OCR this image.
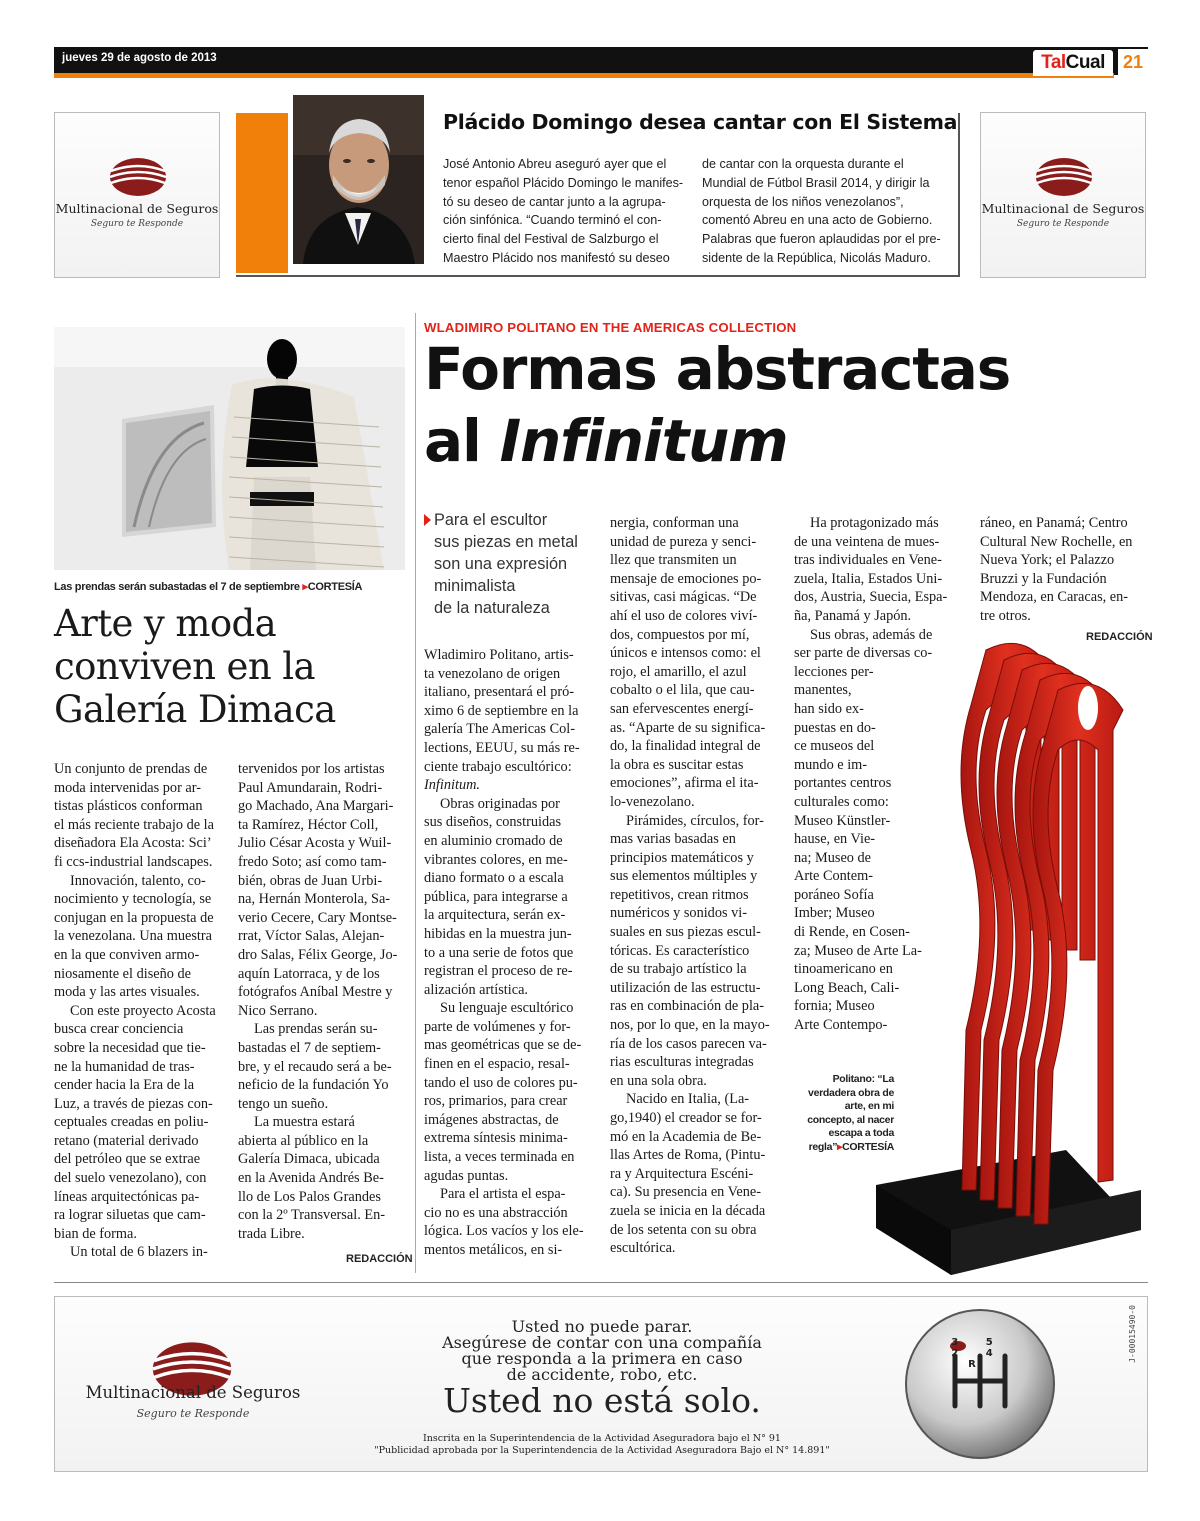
jueves 29 de agosto de 2013	TalCual	21
Multinacional de Seguros
Seguro te Responde
Multinacional de Seguros
Seguro te Responde
Plácido Domingo desea cantar con El Sistema

José Antonio Abreu aseguró ayer que el

tenor español Plácido Domingo le manifes-

tó su deseo de cantar junto a la agrupa-

ción sinfónica. “Cuando terminó el con-

cierto final del Festival de Salzburgo el

Maestro Plácido nos manifestó su deseo

de cantar con la orquesta durante el

Mundial de Fútbol Brasil 2014, y dirigir la

orquesta de los niños venezolanos”,

comentó Abreu en una acto de Gobierno.

Palabras que fueron aplaudidas por el pre-

sidente de la República, Nicolás Maduro.

Las prendas serán subastadas el 7 de septiembre ▸CORTESÍA
Arte y moda
conviven en la
Galería Dimaca

Un conjunto de prendas de

moda intervenidas por ar-

tistas plásticos conforman

el más reciente trabajo de la

diseñadora Ela Acosta: Sci’

fi ccs-industrial landscapes.

Innovación, talento, co-

nocimiento y tecnología, se

conjugan en la propuesta de

la venezolana. Una muestra

en la que conviven armo-

niosamente el diseño de

moda y las artes visuales.

Con este proyecto Acosta

busca crear conciencia

sobre la necesidad que tie-

ne la humanidad de tras-

cender hacia la Era de la

Luz, a través de piezas con-

ceptuales creadas en poliu-

retano (material derivado

del petróleo que se extrae

del suelo venezolano), con

líneas arquitectónicas pa-

ra lograr siluetas que cam-

bian de forma.

Un total de 6 blazers in-

tervenidos por los artistas

Paul Amundarain, Rodri-

go Machado, Ana Margari-

ta Ramírez, Héctor Coll,

Julio César Acosta y Wuil-

fredo Soto; así como tam-

bién, obras de Juan Urbi-

na, Hernán Monterola, Sa-

verio Cecere, Cary Montse-

rrat, Víctor Salas, Alejan-

dro Salas, Félix George, Jo-

aquín Latorraca, y de los

fotógrafos Aníbal Mestre y

Nico Serrano.

Las prendas serán su-

bastadas el 7 de septiem-

bre, y el recaudo será a be-

neficio de la fundación Yo

tengo un sueño.

La muestra estará

abierta al público en la

Galería Dimaca, ubicada

en la Avenida Andrés Be-

llo de Los Palos Grandes

con la 2º Transversal. En-

trada Libre.

REDACCIÓN
WLADIMIRO POLITANO EN THE AMERICAS COLLECTION
Formas abstractas
al Infinitum

Para el escultor

sus piezas en metal

son una expresión

minimalista

de la naturaleza

Wladimiro Politano, artis-

ta venezolano de origen

italiano, presentará el pró-

ximo 6 de septiembre en la

galería The Americas Col-

lections, EEUU, su más re-

ciente trabajo escultórico:

Infinitum.

Obras originadas por

sus diseños, construidas

en aluminio cromado de

vibrantes colores, en me-

diano formato o a escala

pública, para integrarse a

la arquitectura, serán ex-

hibidas en la muestra jun-

to a una serie de fotos que

registran el proceso de re-

alización artística.

Su lenguaje escultórico

parte de volúmenes y for-

mas geométricas que se de-

finen en el espacio, resal-

tando el uso de colores pu-

ros, primarios, para crear

imágenes abstractas, de

extrema síntesis minima-

lista, a veces terminada en

agudas puntas.

Para el artista el espa-

cio no es una abstracción

lógica. Los vacíos y los ele-

mentos metálicos, en si-

nergia, conforman una

unidad de pureza y senci-

llez que transmiten un

mensaje de emociones po-

sitivas, casi mágicas. “De

ahí el uso de colores viví-

dos, compuestos por mí,

únicos e intensos como: el

rojo, el amarillo, el azul

cobalto o el lila, que cau-

san efervescentes energí-

as. “Aparte de su significa-

do, la finalidad integral de

la obra es suscitar estas

emociones”, afirma el ita-

lo-venezolano.

Pirámides, círculos, for-

mas varias basadas en

principios matemáticos y

sus elementos múltiples y

repetitivos, crean ritmos

numéricos y sonidos vi-

suales en sus piezas escul-

tóricas. Es característico

de su trabajo artístico la

utilización de las estructu-

ras en combinación de pla-

nos, por lo que, en la mayo-

ría de los casos parecen va-

rias esculturas integradas

en una sola obra.

Nacido en Italia, (La-

go,1940) el creador se for-

mó en la Academia de Be-

llas Artes de Roma, (Pintu-

ra y Arquitectura Escéni-

ca). Su presencia en Vene-

zuela se inicia en la década

de los setenta con su obra

escultórica.

Ha protagonizado más

de una veintena de mues-

tras individuales en Vene-

zuela, Italia, Estados Uni-

dos, Austria, Suecia, Espa-

ña, Panamá y Japón.

Sus obras, además de

ser parte de diversas co-

lecciones per-

manentes,

han sido ex-

puestas en do-

ce museos del

mundo e im-

portantes centros

culturales como:

Museo Künstler-

hause, en Vie-

na; Museo de

Arte Contem-

poráneo Sofía

Imber; Museo

di Rende, en Cosen-

za; Museo de Arte La-

tinoamericano en

Long Beach, Cali-

fornia; Museo

Arte Contempo-

ráneo, en Panamá; Centro

Cultural New Rochelle, en

Nueva York; el Palazzo

Bruzzi y la Fundación

Mendoza, en Caracas, en-

tre otros.

REDACCIÓN
Politano: “La
verdadera obra de
arte, en mi
concepto, al nacer
escapa a toda
regla”▸CORTESÍA
Multinacional de Seguros
Seguro te Responde
Usted no puede parar.
Asegúrese de contar con una compañía
que responda a la primera en caso
de accidente, robo, etc.
Usted no está solo.
Inscrita en la Superintendencia de la Actividad Aseguradora bajo el N° 91
"Publicidad aprobada por la Superintendencia de la Actividad Aseguradora Bajo el N° 14.891"
3 5 2 4 R
J-00015490-0
